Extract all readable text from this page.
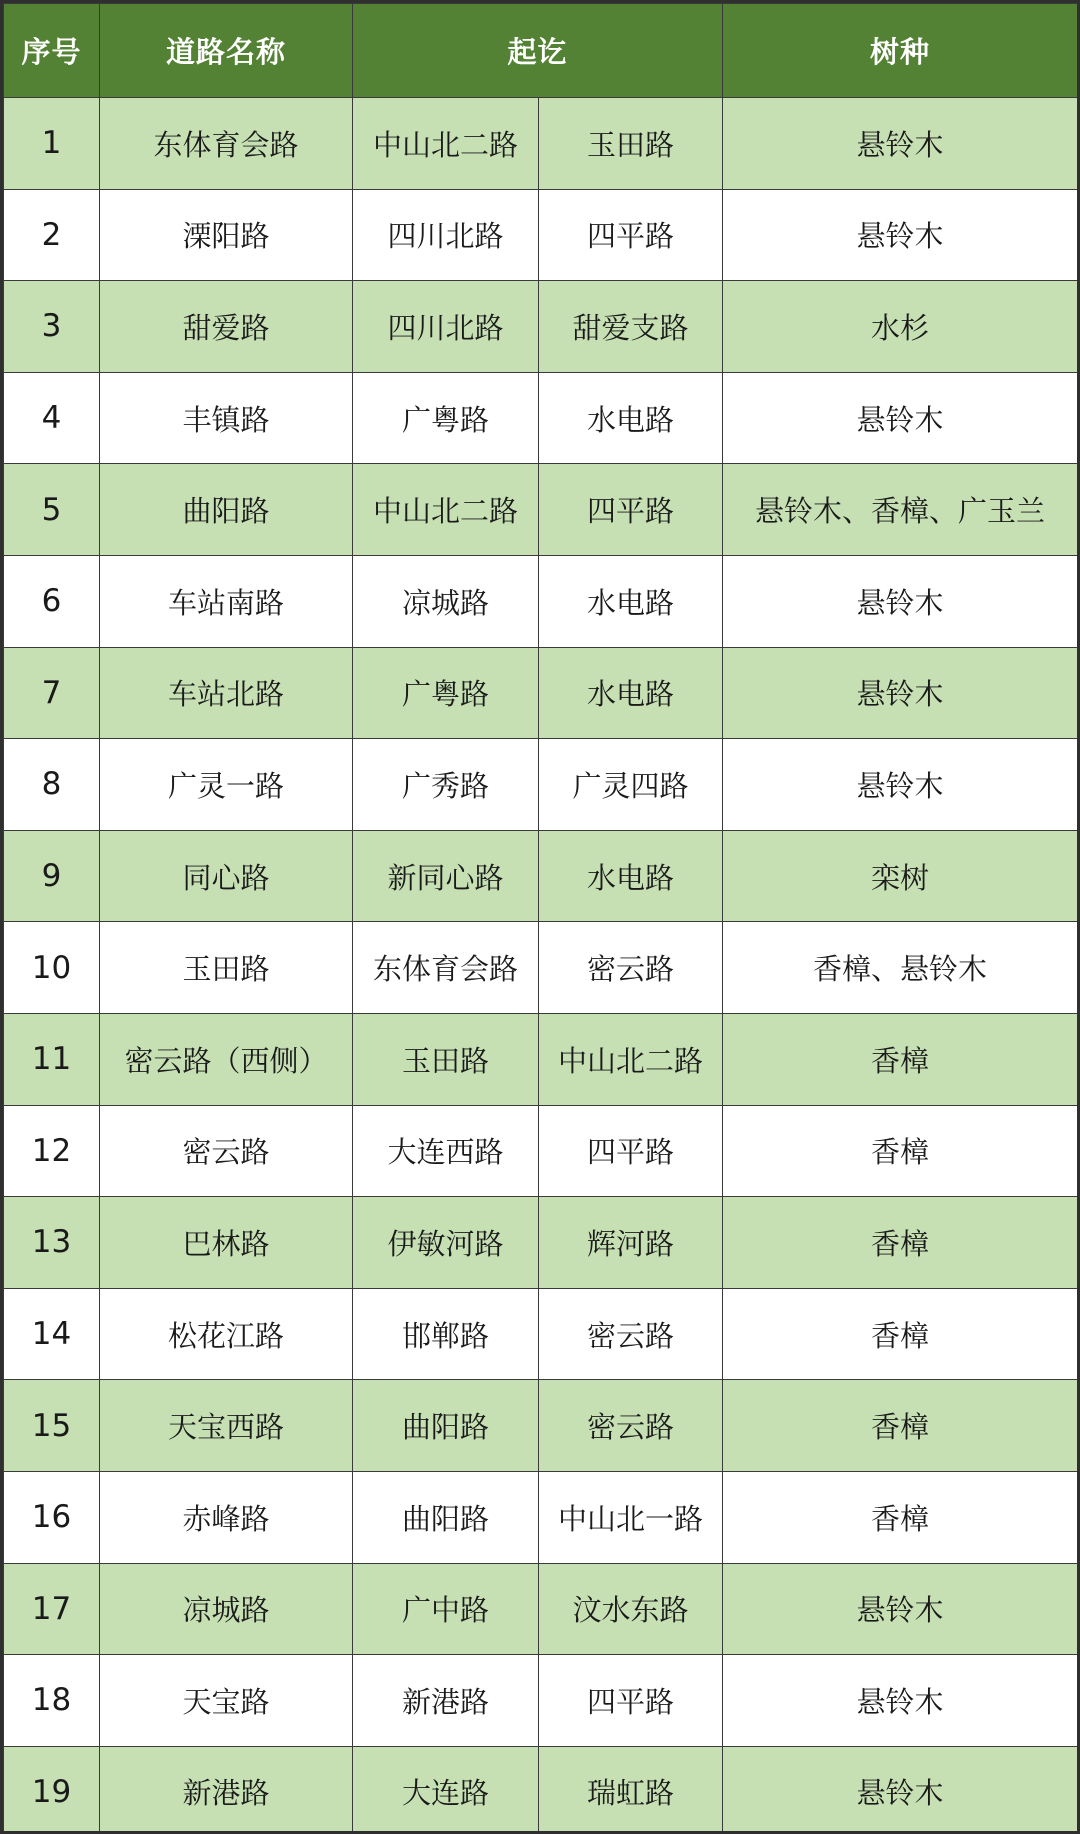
序号	道路名称	起讫		树种
1	东体育会路	中山北二路	玉田路	悬铃木
2	溧阳路	四川北路	四平路	悬铃木
3	甜爱路	四川北路	甜爱支路	水杉
4	丰镇路	广粤路	水电路	悬铃木
5	曲阳路	中山北二路	四平路	悬铃木、香樟、广玉兰
6	车站南路	凉城路	水电路	悬铃木
7	车站北路	广粤路	水电路	悬铃木
8	广灵一路	广秀路	广灵四路	悬铃木
9	同心路	新同心路	水电路	栾树
10	玉田路	东体育会路	密云路	香樟、悬铃木
11	密云路（西侧）	玉田路	中山北二路	香樟
12	密云路	大连西路	四平路	香樟
13	巴林路	伊敏河路	辉河路	香樟
14	松花江路	邯郸路	密云路	香樟
15	天宝西路	曲阳路	密云路	香樟
16	赤峰路	曲阳路	中山北一路	香樟
17	凉城路	广中路	汶水东路	悬铃木
18	天宝路	新港路	四平路	悬铃木
19	新港路	大连路	瑞虹路	悬铃木
